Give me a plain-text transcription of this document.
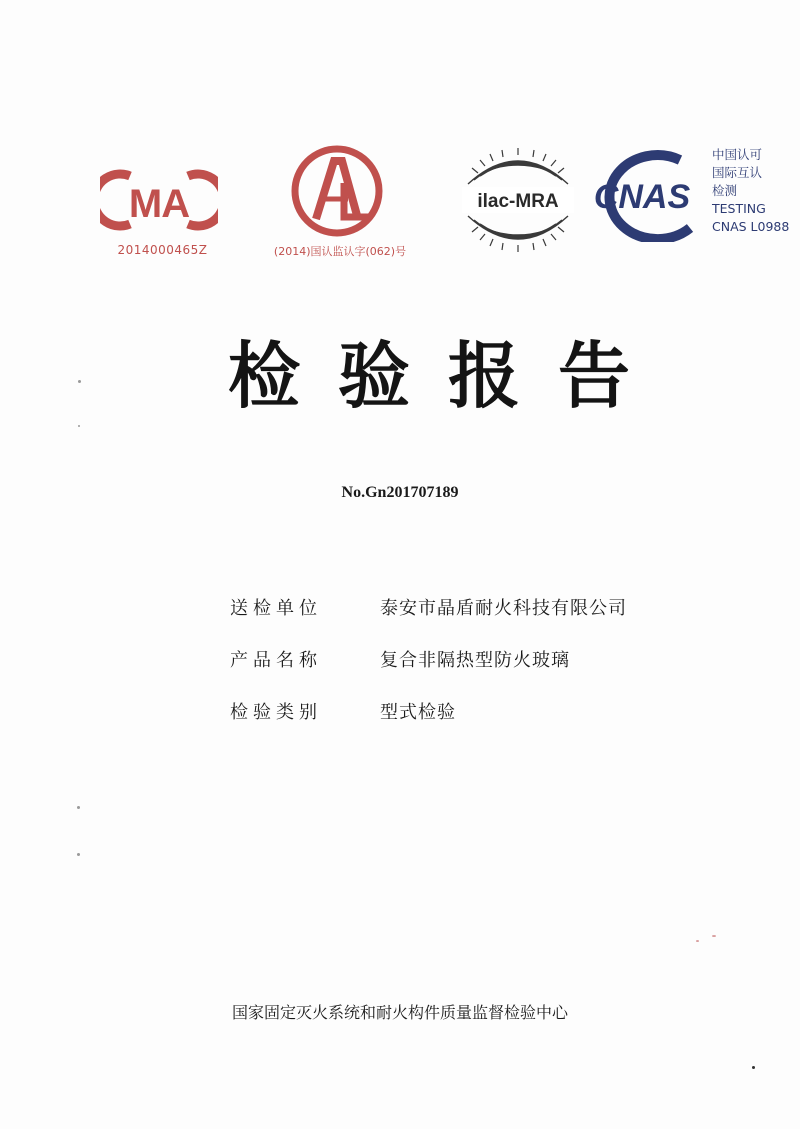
MA
2014000465Z	(2014)国认监认字(062)号
ilac-MRA CNAS
中国认可
国际互认
检测
TESTING
CNAS L0988
检验报告
No.Gn201707189
送检单位	泰安市晶盾耐火科技有限公司
产品名称	复合非隔热型防火玻璃
检验类别	型式检验
国家固定灭火系统和耐火构件质量监督检验中心
